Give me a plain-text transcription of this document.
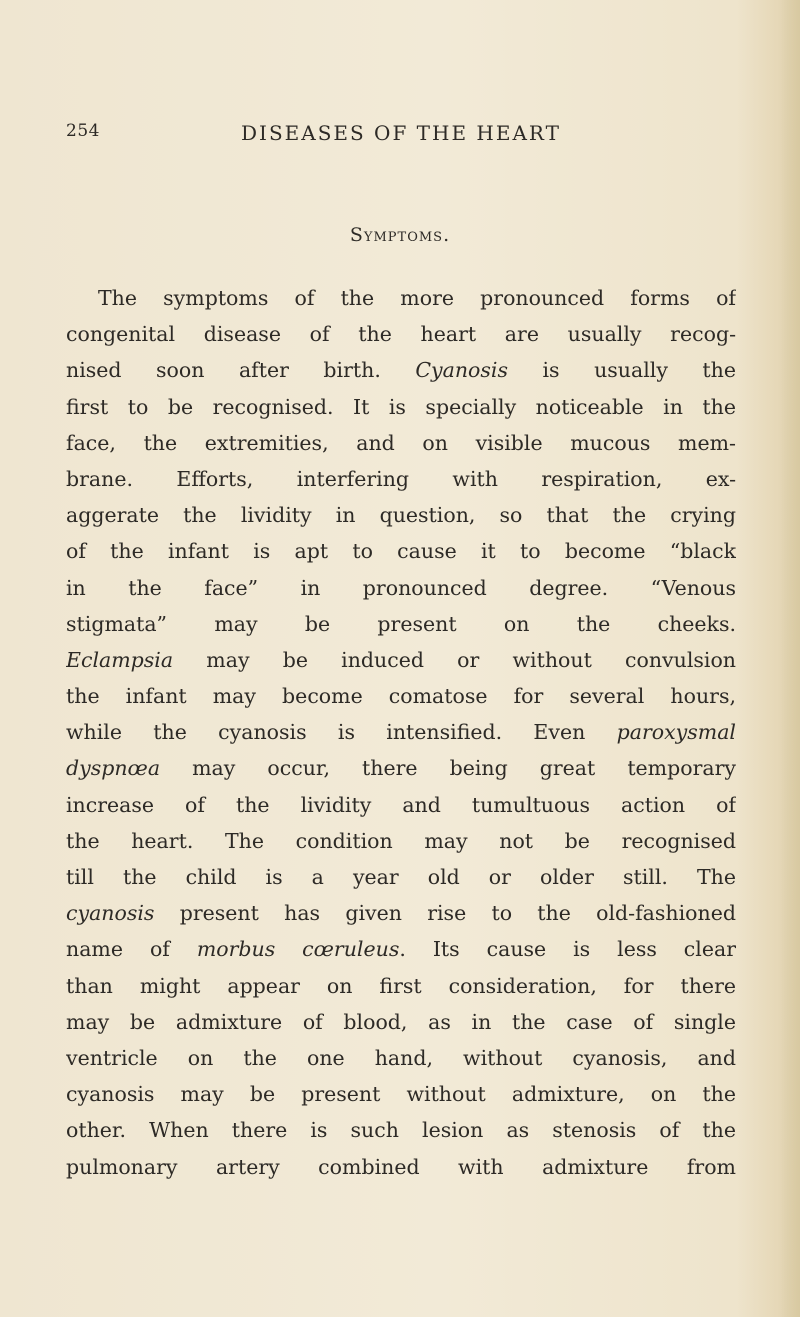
254	DISEASES OF THE HEART
Symptoms.
The symptoms of the more pronounced forms of
congenital disease of the heart are usually recog-
nised soon after birth. Cyanosis is usually the
first to be recognised. It is specially noticeable in the
face, the extremities, and on visible mucous mem-
brane. Efforts, interfering with respiration, ex-
aggerate the lividity in question, so that the crying
of the infant is apt to cause it to become “black
in the face” in pronounced degree. “Venous
stigmata” may be present on the cheeks.
Eclampsia may be induced or without convulsion
the infant may become comatose for several hours,
while the cyanosis is intensified. Even paroxysmal
dyspnœa may occur, there being great temporary
increase of the lividity and tumultuous action of
the heart. The condition may not be recognised
till the child is a year old or older still. The
cyanosis present has given rise to the old-fashioned
name of morbus cœruleus. Its cause is less clear
than might appear on first consideration, for there
may be admixture of blood, as in the case of single
ventricle on the one hand, without cyanosis, and
cyanosis may be present without admixture, on the
other. When there is such lesion as stenosis of the
pulmonary artery combined with admixture from
